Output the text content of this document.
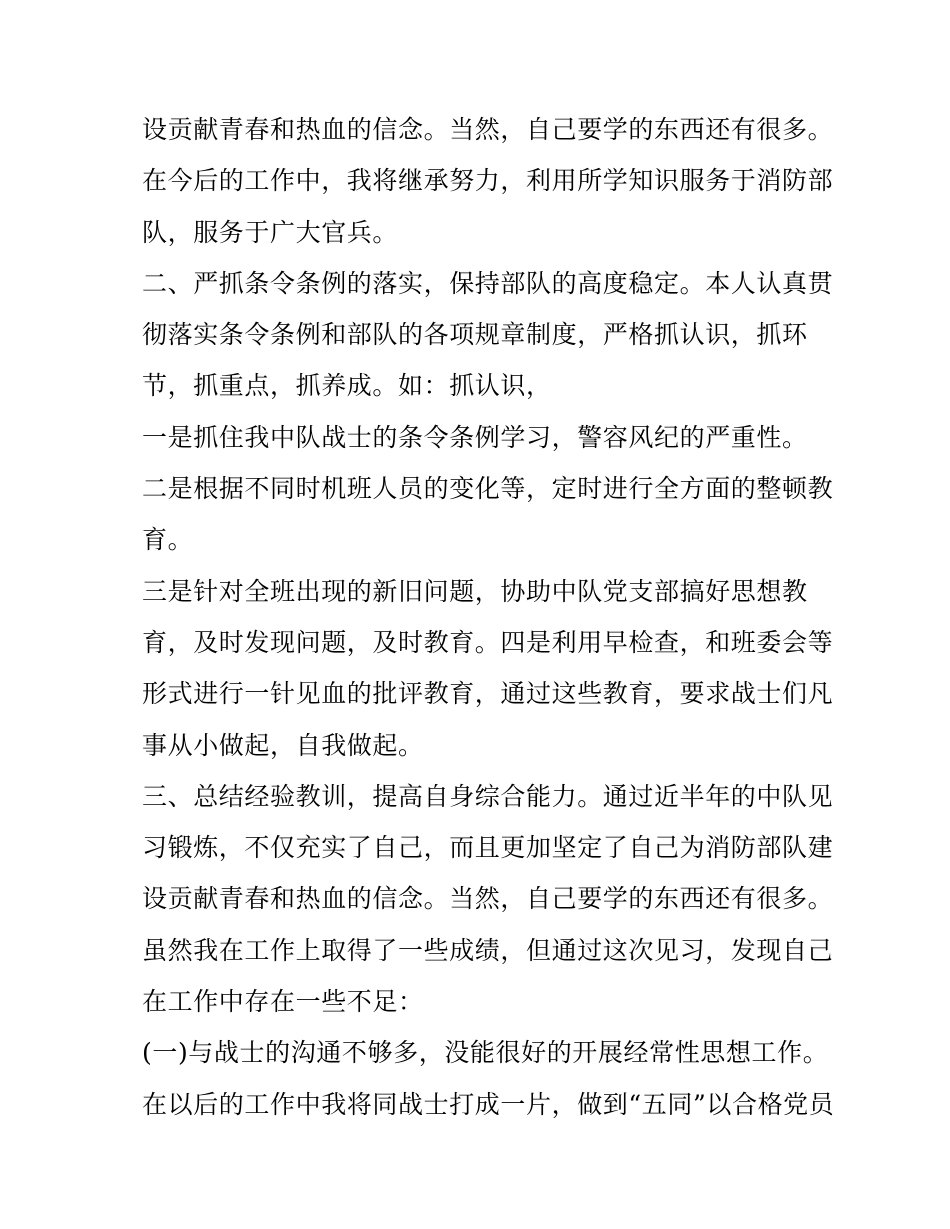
设贡献青春和热血的信念。当然，自己要学的东西还有很多。
在今后的工作中，我将继承努力，利用所学知识服务于消防部
队，服务于广大官兵。
二、严抓条令条例的落实，保持部队的高度稳定。本人认真贯
彻落实条令条例和部队的各项规章制度，严格抓认识，抓环
节，抓重点，抓养成。如：抓认识，
一是抓住我中队战士的条令条例学习，警容风纪的严重性。
二是根据不同时机班人员的变化等，定时进行全方面的整顿教
育。
三是针对全班出现的新旧问题，协助中队党支部搞好思想教
育，及时发现问题，及时教育。四是利用早检查，和班委会等
形式进行一针见血的批评教育，通过这些教育，要求战士们凡
事从小做起，自我做起。
三、总结经验教训，提高自身综合能力。通过近半年的中队见
习锻炼，不仅充实了自己，而且更加坚定了自己为消防部队建
设贡献青春和热血的信念。当然，自己要学的东西还有很多。
虽然我在工作上取得了一些成绩，但通过这次见习，发现自己
在工作中存在一些不足：
(一)与战士的沟通不够多，没能很好的开展经常性思想工作。
在以后的工作中我将同战士打成一片，做到“五同”以合格党员
